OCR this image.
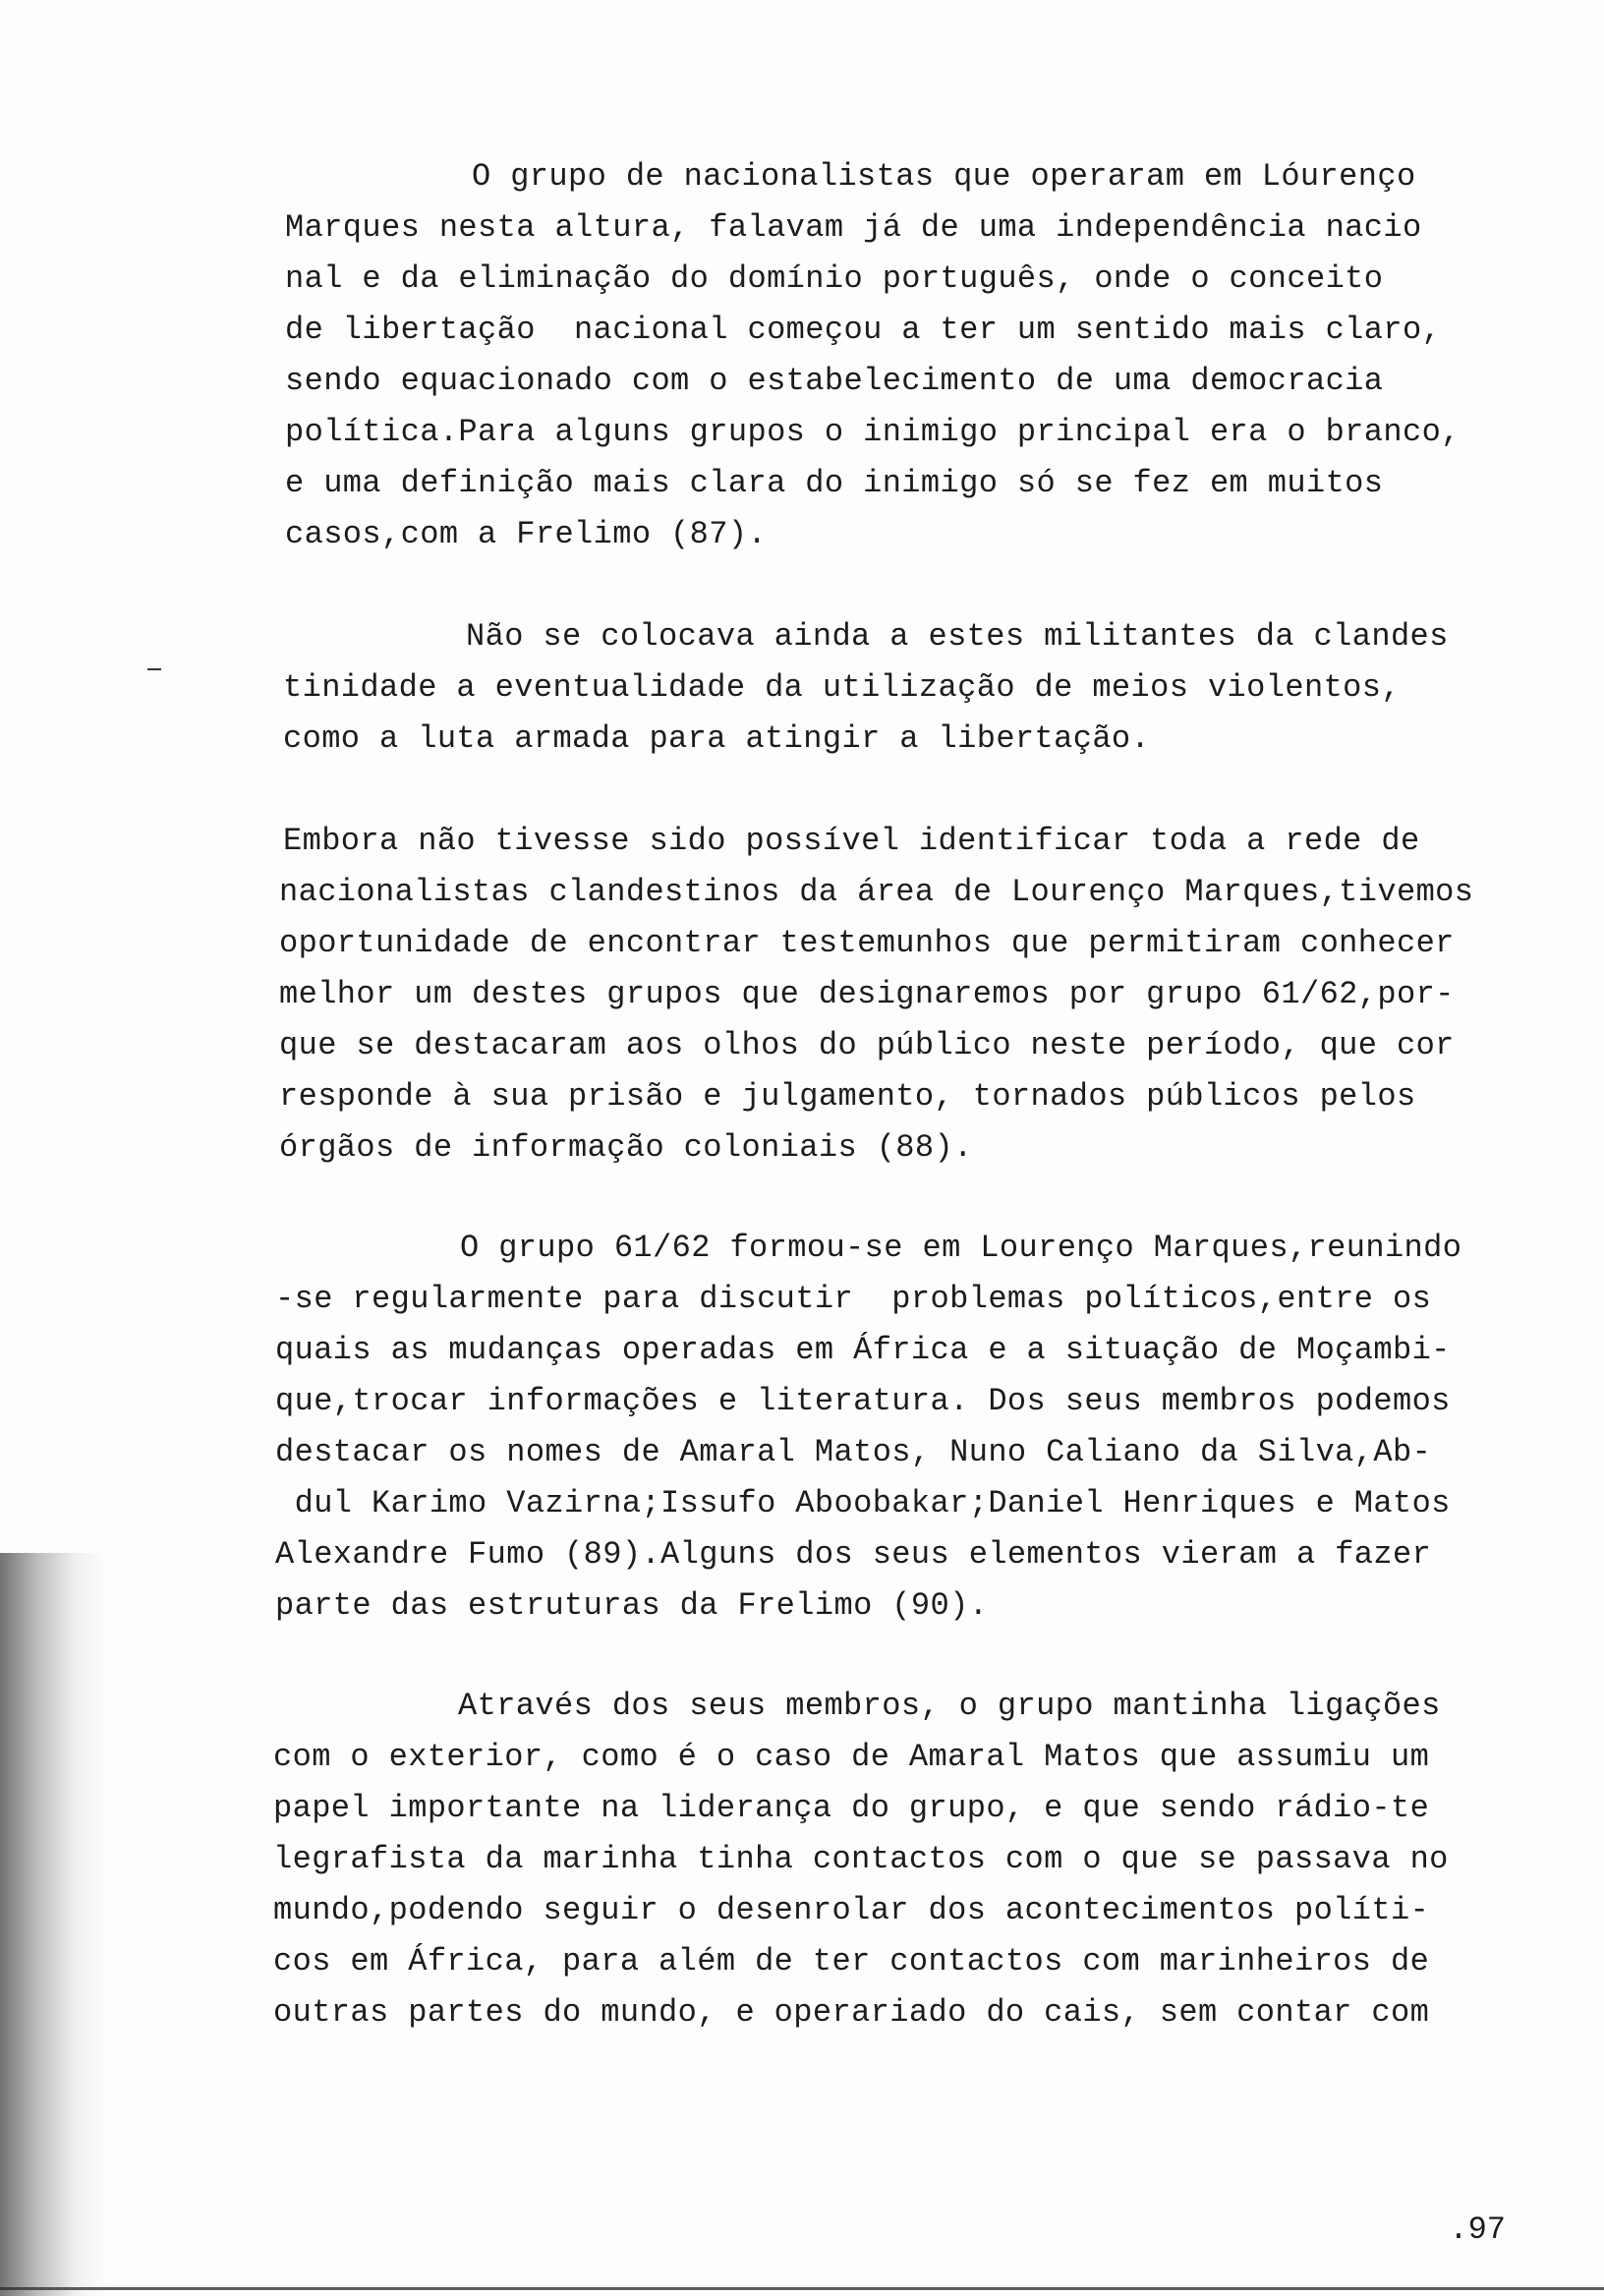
O grupo de nacionalistas que operaram em Lóurenço
Marques nesta altura, falavam já de uma independência nacio
nal e da eliminação do domínio português, onde o conceito
de libertação  nacional começou a ter um sentido mais claro,
sendo equacionado com o estabelecimento de uma democracia
política.Para alguns grupos o inimigo principal era o branco,
e uma definição mais clara do inimigo só se fez em muitos
casos,com a Frelimo (87).
Não se colocava ainda a estes militantes da clandes
tinidade a eventualidade da utilização de meios violentos,
como a luta armada para atingir a libertação.
Embora não tivesse sido possível identificar toda a rede de
nacionalistas clandestinos da área de Lourenço Marques,tivemos
oportunidade de encontrar testemunhos que permitiram conhecer
melhor um destes grupos que designaremos por grupo 61/62,por-
que se destacaram aos olhos do público neste período, que cor
responde à sua prisão e julgamento, tornados públicos pelos
órgãos de informação coloniais (88).
O grupo 61/62 formou-se em Lourenço Marques,reunindo
-se regularmente para discutir  problemas políticos,entre os
quais as mudanças operadas em África e a situação de Moçambi-
que,trocar informações e literatura. Dos seus membros podemos
destacar os nomes de Amaral Matos, Nuno Caliano da Silva,Ab-
dul Karimo Vazirna;Issufo Aboobakar;Daniel Henriques e Matos
Alexandre Fumo (89).Alguns dos seus elementos vieram a fazer
parte das estruturas da Frelimo (90).
Através dos seus membros, o grupo mantinha ligações
com o exterior, como é o caso de Amaral Matos que assumiu um
papel importante na liderança do grupo, e que sendo rádio-te
legrafista da marinha tinha contactos com o que se passava no
mundo,podendo seguir o desenrolar dos acontecimentos políti-
cos em África, para além de ter contactos com marinheiros de
outras partes do mundo, e operariado do cais, sem contar com
.97
